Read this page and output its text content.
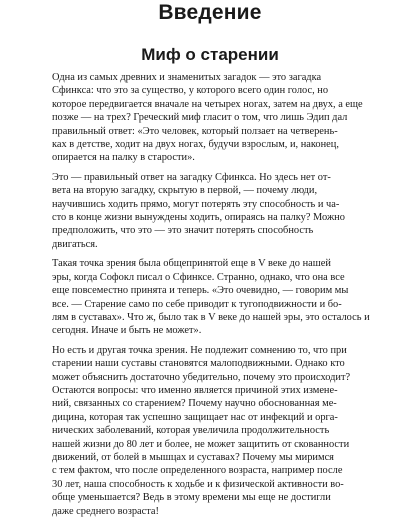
Введение
Миф о старении

Одна из самых древних и знаменитых загадок — это загадка
Сфинкса: что это за существо, у которого всего один голос, но
которое передвигается вначале на четырех ногах, затем на двух, а еще
позже — на трех? Греческий миф гласит о том, что лишь Эдип дал
правильный ответ: «Это человек, который ползает на четверень-
ках в детстве, ходит на двух ногах, будучи взрослым, и, наконец,
опирается на палку в старости».

Это — правильный ответ на загадку Сфинкса. Но здесь нет от-
вета на вторую загадку, скрытую в первой, — почему люди,
научившись ходить прямо, могут потерять эту способность и ча-
сто в конце жизни вынуждены ходить, опираясь на палку? Можно
предположить, что это — это значит потерять способность
двигаться.

Такая точка зрения была общепринятой еще в V веке до нашей
эры, когда Софокл писал о Сфинксе. Странно, однако, что она все
еще повсеместно принята и теперь. «Это очевидно, — говорим мы
все. — Старение само по себе приводит к тугоподвижности и бо-
лям в суставах». Что ж, было так в V веке до нашей эры, это осталось и
сегодня. Иначе и быть не может».

Но есть и другая точка зрения. Не подлежит сомнению то, что при
старении наши суставы становятся малоподвижными. Однако кто
может объяснить достаточно убедительно, почему это происходит?
Остаются вопросы: что именно является причиной этих измене-
ний, связанных со старением? Почему научно обоснованная ме-
дицина, которая так успешно защищает нас от инфекций и орга-
нических заболеваний, которая увеличила продолжительность
нашей жизни до 80 лет и более, не может защитить от скованности
движений, от болей в мышцах и суставах? Почему мы миримся
с тем фактом, что после определенного возраста, например после
30 лет, наша способность к ходьбе и к физической активности во-
обще уменьшается? Ведь в этому времени мы еще не достигли
даже среднего возраста!
